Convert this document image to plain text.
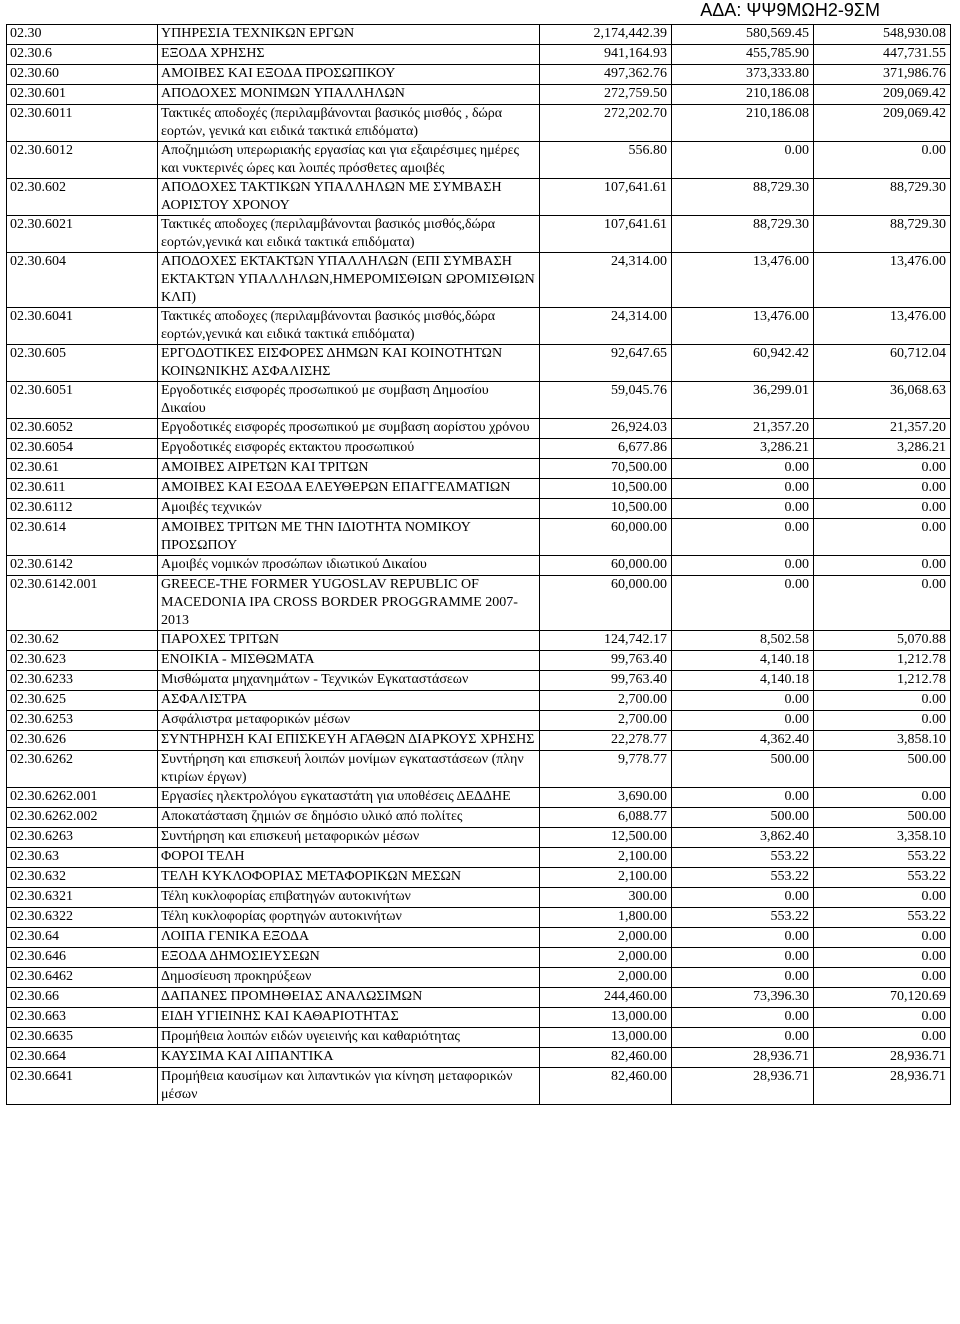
ΑΔΑ: ΨΨ9ΜΩΗ2-9ΣΜ
02.30	ΥΠΗΡΕΣΙΑ ΤΕΧΝΙΚΩΝ ΕΡΓΩΝ	2,174,442.39	580,569.45	548,930.08
02.30.6	ΕΞΟΔΑ ΧΡΗΣΗΣ	941,164.93	455,785.90	447,731.55
02.30.60	ΑΜΟΙΒΕΣ ΚΑΙ ΕΞΟΔΑ ΠΡΟΣΩΠΙΚΟΥ	497,362.76	373,333.80	371,986.76
02.30.601	ΑΠΟΔΟΧΕΣ ΜΟΝΙΜΩΝ ΥΠΑΛΛΗΛΩΝ	272,759.50	210,186.08	209,069.42
02.30.6011	Τακτικές αποδοχές (περιλαμβάνονται βασικός μισθός , δώρα εορτών, γενικά και ειδικά τακτικά επιδόματα)	272,202.70	210,186.08	209,069.42
02.30.6012	Αποζημιώση υπερωριακής εργασίας και για εξαιρέσιμες ημέρες και νυκτερινές ώρες και λοιπές πρόσθετες αμοιβές	556.80	0.00	0.00
02.30.602	ΑΠΟΔΟΧΕΣ ΤΑΚΤΙΚΩΝ ΥΠΑΛΛΗΛΩΝ ΜΕ ΣΥΜΒΑΣΗ ΑΟΡΙΣΤΟΥ ΧΡΟΝΟΥ	107,641.61	88,729.30	88,729.30
02.30.6021	Τακτικές αποδοχες (περιλαμβάνονται βασικός μισθός,δώρα εορτών,γενικά και ειδικά τακτικά επιδόματα)	107,641.61	88,729.30	88,729.30
02.30.604	ΑΠΟΔΟΧΕΣ ΕΚΤΑΚΤΩΝ ΥΠΑΛΛΗΛΩΝ (ΕΠΙ ΣΥΜΒΑΣΗ ΕΚΤΑΚΤΩΝ ΥΠΑΛΛΗΛΩΝ,ΗΜΕΡΟΜΙΣΘΙΩΝ ΩΡΟΜΙΣΘΙΩΝ ΚΛΠ)	24,314.00	13,476.00	13,476.00
02.30.6041	Τακτικές αποδοχες (περιλαμβάνονται βασικός μισθός,δώρα εορτών,γενικά και ειδικά τακτικά επιδόματα)	24,314.00	13,476.00	13,476.00
02.30.605	ΕΡΓΟΔΟΤΙΚΕΣ ΕΙΣΦΟΡΕΣ ΔΗΜΩΝ ΚΑΙ ΚΟΙΝΟΤΗΤΩΝ ΚΟΙΝΩΝΙΚΗΣ ΑΣΦΑΛΙΣΗΣ	92,647.65	60,942.42	60,712.04
02.30.6051	Εργοδοτικές εισφορές προσωπικού με συμβαση Δημοσίου Δικαίου	59,045.76	36,299.01	36,068.63
02.30.6052	Εργοδοτικές εισφορές προσωπικού με συμβαση αορίστου χρόνου	26,924.03	21,357.20	21,357.20
02.30.6054	Εργοδοτικές εισφορές εκτακτου προσωπικού	6,677.86	3,286.21	3,286.21
02.30.61	ΑΜΟΙΒΕΣ ΑΙΡΕΤΩΝ ΚΑΙ ΤΡΙΤΩΝ	70,500.00	0.00	0.00
02.30.611	ΑΜΟΙΒΕΣ ΚΑΙ ΕΞΟΔΑ ΕΛΕΥΘΕΡΩΝ ΕΠΑΓΓΕΛΜΑΤΙΩΝ	10,500.00	0.00	0.00
02.30.6112	Αμοιβές τεχνικών	10,500.00	0.00	0.00
02.30.614	ΑΜΟΙΒΕΣ ΤΡΙΤΩΝ ΜΕ ΤΗΝ ΙΔΙΟΤΗΤΑ ΝΟΜΙΚΟΥ ΠΡΟΣΩΠΟΥ	60,000.00	0.00	0.00
02.30.6142	Αμοιβές νομικών προσώπων ιδιωτικού Δικαίου	60,000.00	0.00	0.00
02.30.6142.001	GREECE-THE FORMER YUGOSLAV REPUBLIC OF MACEDONIA IPA CROSS BORDER PROGGRAMME 2007-2013	60,000.00	0.00	0.00
02.30.62	ΠΑΡΟΧΕΣ ΤΡΙΤΩΝ	124,742.17	8,502.58	5,070.88
02.30.623	ΕΝΟΙΚΙΑ - ΜΙΣΘΩΜΑΤΑ	99,763.40	4,140.18	1,212.78
02.30.6233	Μισθώματα μηχανημάτων - Τεχνικών Εγκαταστάσεων	99,763.40	4,140.18	1,212.78
02.30.625	ΑΣΦΑΛΙΣΤΡΑ	2,700.00	0.00	0.00
02.30.6253	Ασφάλιστρα μεταφορικών μέσων	2,700.00	0.00	0.00
02.30.626	ΣΥΝΤΗΡΗΣΗ ΚΑΙ ΕΠΙΣΚΕΥΗ ΑΓΑΘΩΝ ΔΙΑΡΚΟΥΣ ΧΡΗΣΗΣ	22,278.77	4,362.40	3,858.10
02.30.6262	Συντήρηση και επισκευή λοιπών μονίμων εγκαταστάσεων (πλην κτιρίων έργων)	9,778.77	500.00	500.00
02.30.6262.001	Εργασίες ηλεκτρολόγου εγκαταστάτη για υποθέσεις ΔΕΔΔΗΕ	3,690.00	0.00	0.00
02.30.6262.002	Αποκατάσταση ζημιών σε δημόσιο υλικό από πολίτες	6,088.77	500.00	500.00
02.30.6263	Συντήρηση και επισκευή μεταφορικών μέσων	12,500.00	3,862.40	3,358.10
02.30.63	ΦΟΡΟΙ ΤΕΛΗ	2,100.00	553.22	553.22
02.30.632	ΤΕΛΗ ΚΥΚΛΟΦΟΡΙΑΣ ΜΕΤΑΦΟΡΙΚΩΝ ΜΕΣΩΝ	2,100.00	553.22	553.22
02.30.6321	Τέλη κυκλοφορίας επιβατηγών αυτοκινήτων	300.00	0.00	0.00
02.30.6322	Τέλη κυκλοφορίας φορτηγών αυτοκινήτων	1,800.00	553.22	553.22
02.30.64	ΛΟΙΠΑ ΓΕΝΙΚΑ ΕΞΟΔΑ	2,000.00	0.00	0.00
02.30.646	ΕΞΟΔΑ ΔΗΜΟΣΙΕΥΣΕΩΝ	2,000.00	0.00	0.00
02.30.6462	Δημοσίευση προκηρύξεων	2,000.00	0.00	0.00
02.30.66	ΔΑΠΑΝΕΣ ΠΡΟΜΗΘΕΙΑΣ ΑΝΑΛΩΣΙΜΩΝ	244,460.00	73,396.30	70,120.69
02.30.663	ΕΙΔΗ ΥΓΙΕΙΝΗΣ ΚΑΙ ΚΑΘΑΡΙΟΤΗΤΑΣ	13,000.00	0.00	0.00
02.30.6635	Προμήθεια λοιπών ειδών υγειεινής και καθαριότητας	13,000.00	0.00	0.00
02.30.664	ΚΑΥΣΙΜΑ ΚΑΙ ΛΙΠΑΝΤΙΚΑ	82,460.00	28,936.71	28,936.71
02.30.6641	Προμήθεια καυσίμων και λιπαντικών για κίνηση μεταφορικών μέσων	82,460.00	28,936.71	28,936.71
